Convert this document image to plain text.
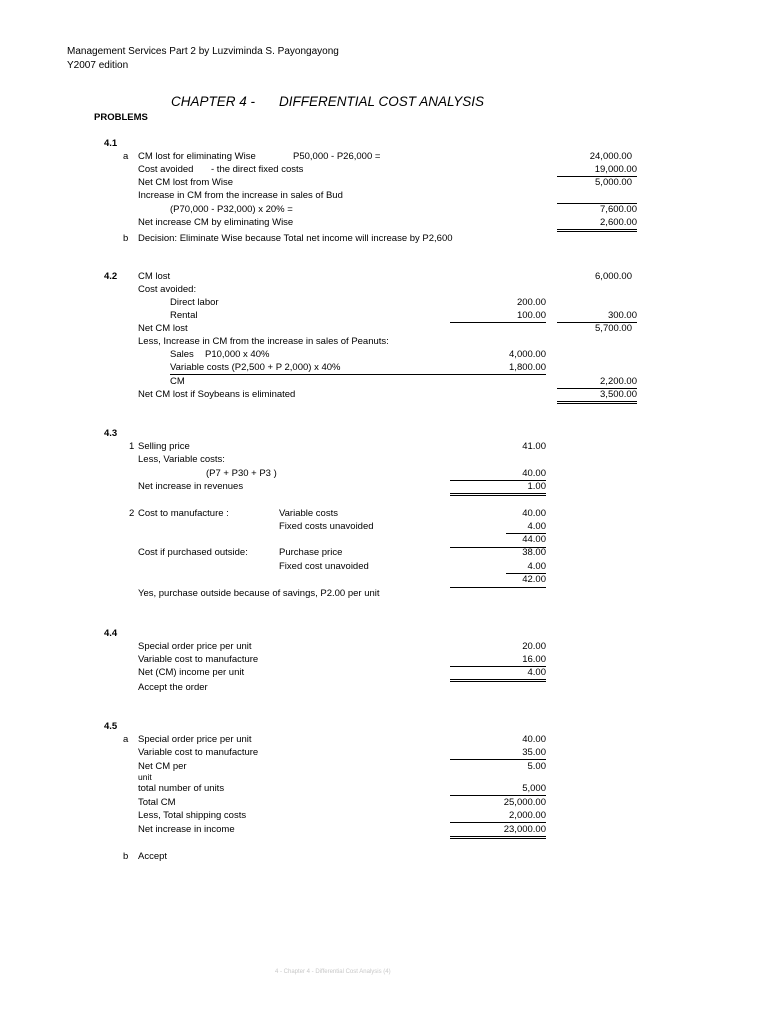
Management Services Part 2 by Luzviminda S. Payongayong
Y2007 edition
CHAPTER 4 - DIFFERENTIAL COST ANALYSIS
PROBLEMS
4.1
a CM lost for eliminating Wise	P50,000 - P26,000 =	24,000.00
Cost avoided - the direct fixed costs	19,000.00
Net CM lost from Wise	5,000.00
Increase in CM from the increase in sales of Bud
(P70,000 - P32,000) x 20% =	7,600.00
Net increase CM by eliminating Wise	2,600.00
b Decision: Eliminate Wise because Total net income will increase by P2,600
4.2 CM lost	6,000.00
Cost avoided:
Direct labor	200.00
Rental	100.00	300.00
Net CM lost	5,700.00
Less, Increase in CM from the increase in sales of Peanuts:
Sales P10,000 x 40%	4,000.00
Variable costs (P2,500 + P 2,000) x 40%	1,800.00
CM	2,200.00
Net CM lost if Soybeans is eliminated	3,500.00
4.3
1 Selling price	41.00
Less, Variable costs:
(P7 + P30 + P3 )	40.00
Net increase in revenues	1.00
2 Cost to manufacture :	Variable costs	40.00
Fixed costs unavoided	4.00
44.00
Cost if purchased outside:	Purchase price	38.00
Fixed cost unavoided	4.00
42.00
Yes, purchase outside because of savings, P2.00 per unit
4.4
Special order price per unit	20.00
Variable cost to manufacture	16.00
Net (CM) income per unit	4.00
Accept the order
4.5
a Special order price per unit	40.00
Variable cost to manufacture	35.00
Net CM per	5.00
unit
total number of units	5,000
Total CM	25,000.00
Less, Total shipping costs	2,000.00
Net increase in income	23,000.00
b Accept
4 - Chapter 4 - Differential Cost Analysis (4)
